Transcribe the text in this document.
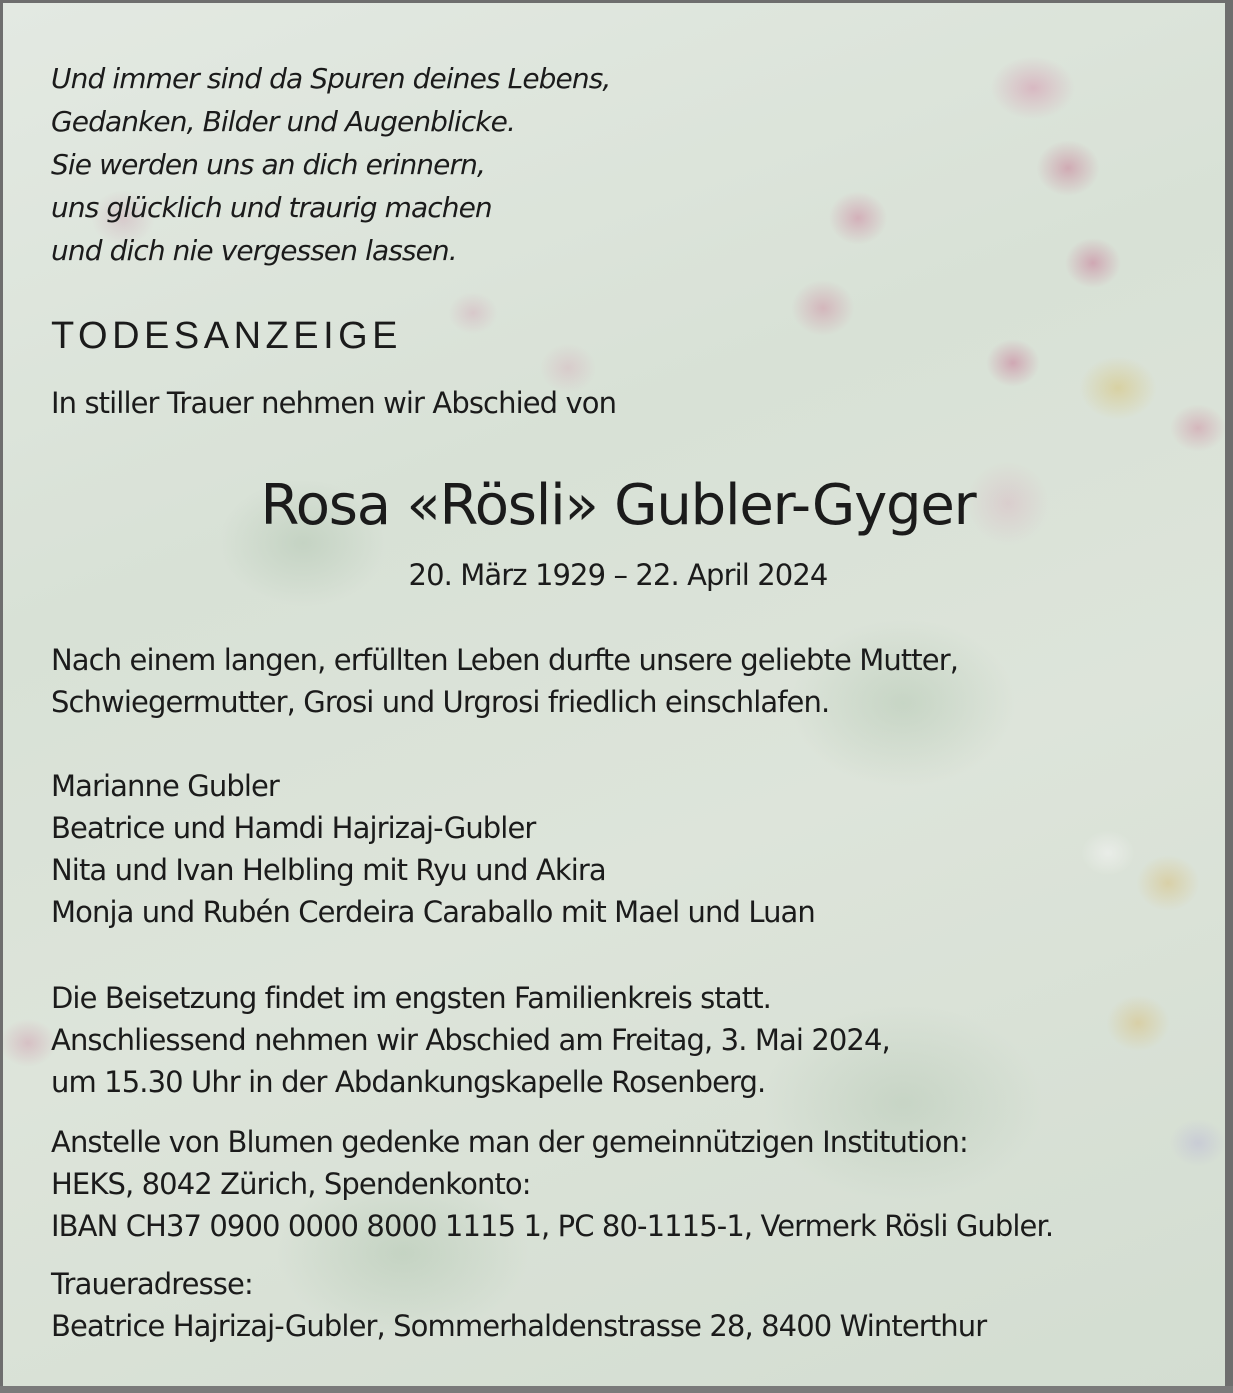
Und immer sind da Spuren deines Lebens,
Gedanken, Bilder und Augenblicke.
Sie werden uns an dich erinnern,
uns glücklich und traurig machen
und dich nie vergessen lassen.
TODESANZEIGE
In stiller Trauer nehmen wir Abschied von
Rosa «Rösli» Gubler-Gyger
20. März 1929 – 22. April 2024
Nach einem langen, erfüllten Leben durfte unsere geliebte Mutter,
Schwiegermutter, Grosi und Urgrosi friedlich einschlafen.
Marianne Gubler
Beatrice und Hamdi Hajrizaj-Gubler
Nita und Ivan Helbling mit Ryu und Akira
Monja und Rubén Cerdeira Caraballo mit Mael und Luan
Die Beisetzung findet im engsten Familienkreis statt.
Anschliessend nehmen wir Abschied am Freitag, 3. Mai 2024,
um 15.30 Uhr in der Abdankungskapelle Rosenberg.
Anstelle von Blumen gedenke man der gemeinnützigen Institution:
HEKS, 8042 Zürich, Spendenkonto:
IBAN CH37 0900 0000 8000 1115 1, PC 80-1115-1, Vermerk Rösli Gubler.
Traueradresse:
Beatrice Hajrizaj-Gubler, Sommerhaldenstrasse 28, 8400 Winterthur
